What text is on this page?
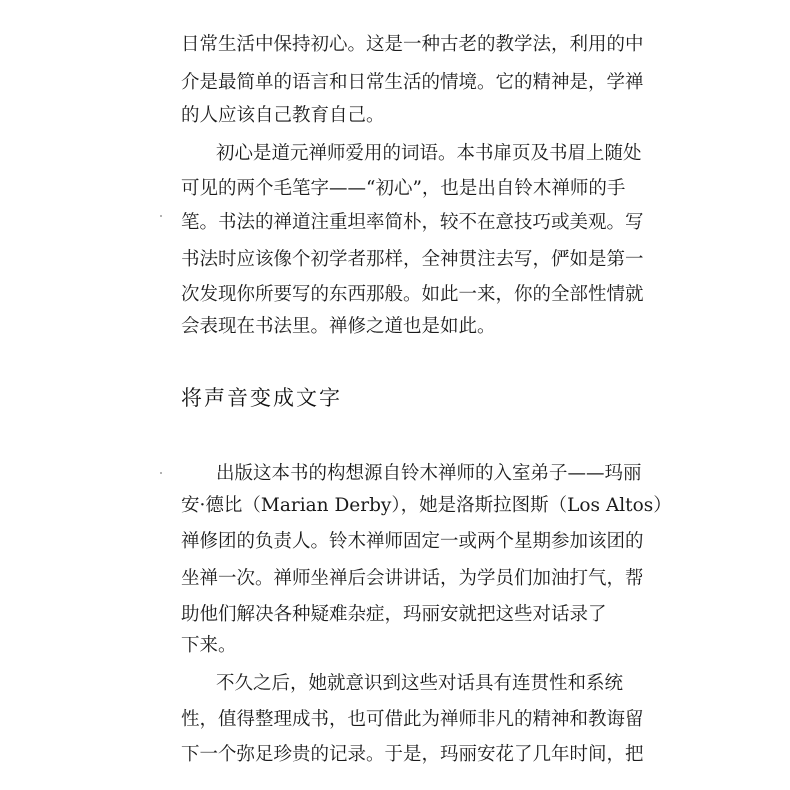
日常生活中保持初心。这是一种古老的教学法，利用的中
介是最简单的语言和日常生活的情境。它的精神是，学禅
的人应该自己教育自己。
初心是道元禅师爱用的词语。本书扉页及书眉上随处
可见的两个毛笔字——“初心”，也是出自铃木禅师的手
笔。书法的禅道注重坦率简朴，较不在意技巧或美观。写
书法时应该像个初学者那样，全神贯注去写，俨如是第一
次发现你所要写的东西那般。如此一来，你的全部性情就
会表现在书法里。禅修之道也是如此。
将声音变成文字
出版这本书的构想源自铃木禅师的入室弟子——玛丽
安·德比（Marian Derby），她是洛斯拉图斯（Los Altos）
禅修团的负责人。铃木禅师固定一或两个星期参加该团的
坐禅一次。禅师坐禅后会讲讲话，为学员们加油打气，帮
助他们解决各种疑难杂症，玛丽安就把这些对话录了
下来。
不久之后，她就意识到这些对话具有连贯性和系统
性，值得整理成书，也可借此为禅师非凡的精神和教诲留
下一个弥足珍贵的记录。于是，玛丽安花了几年时间，把
